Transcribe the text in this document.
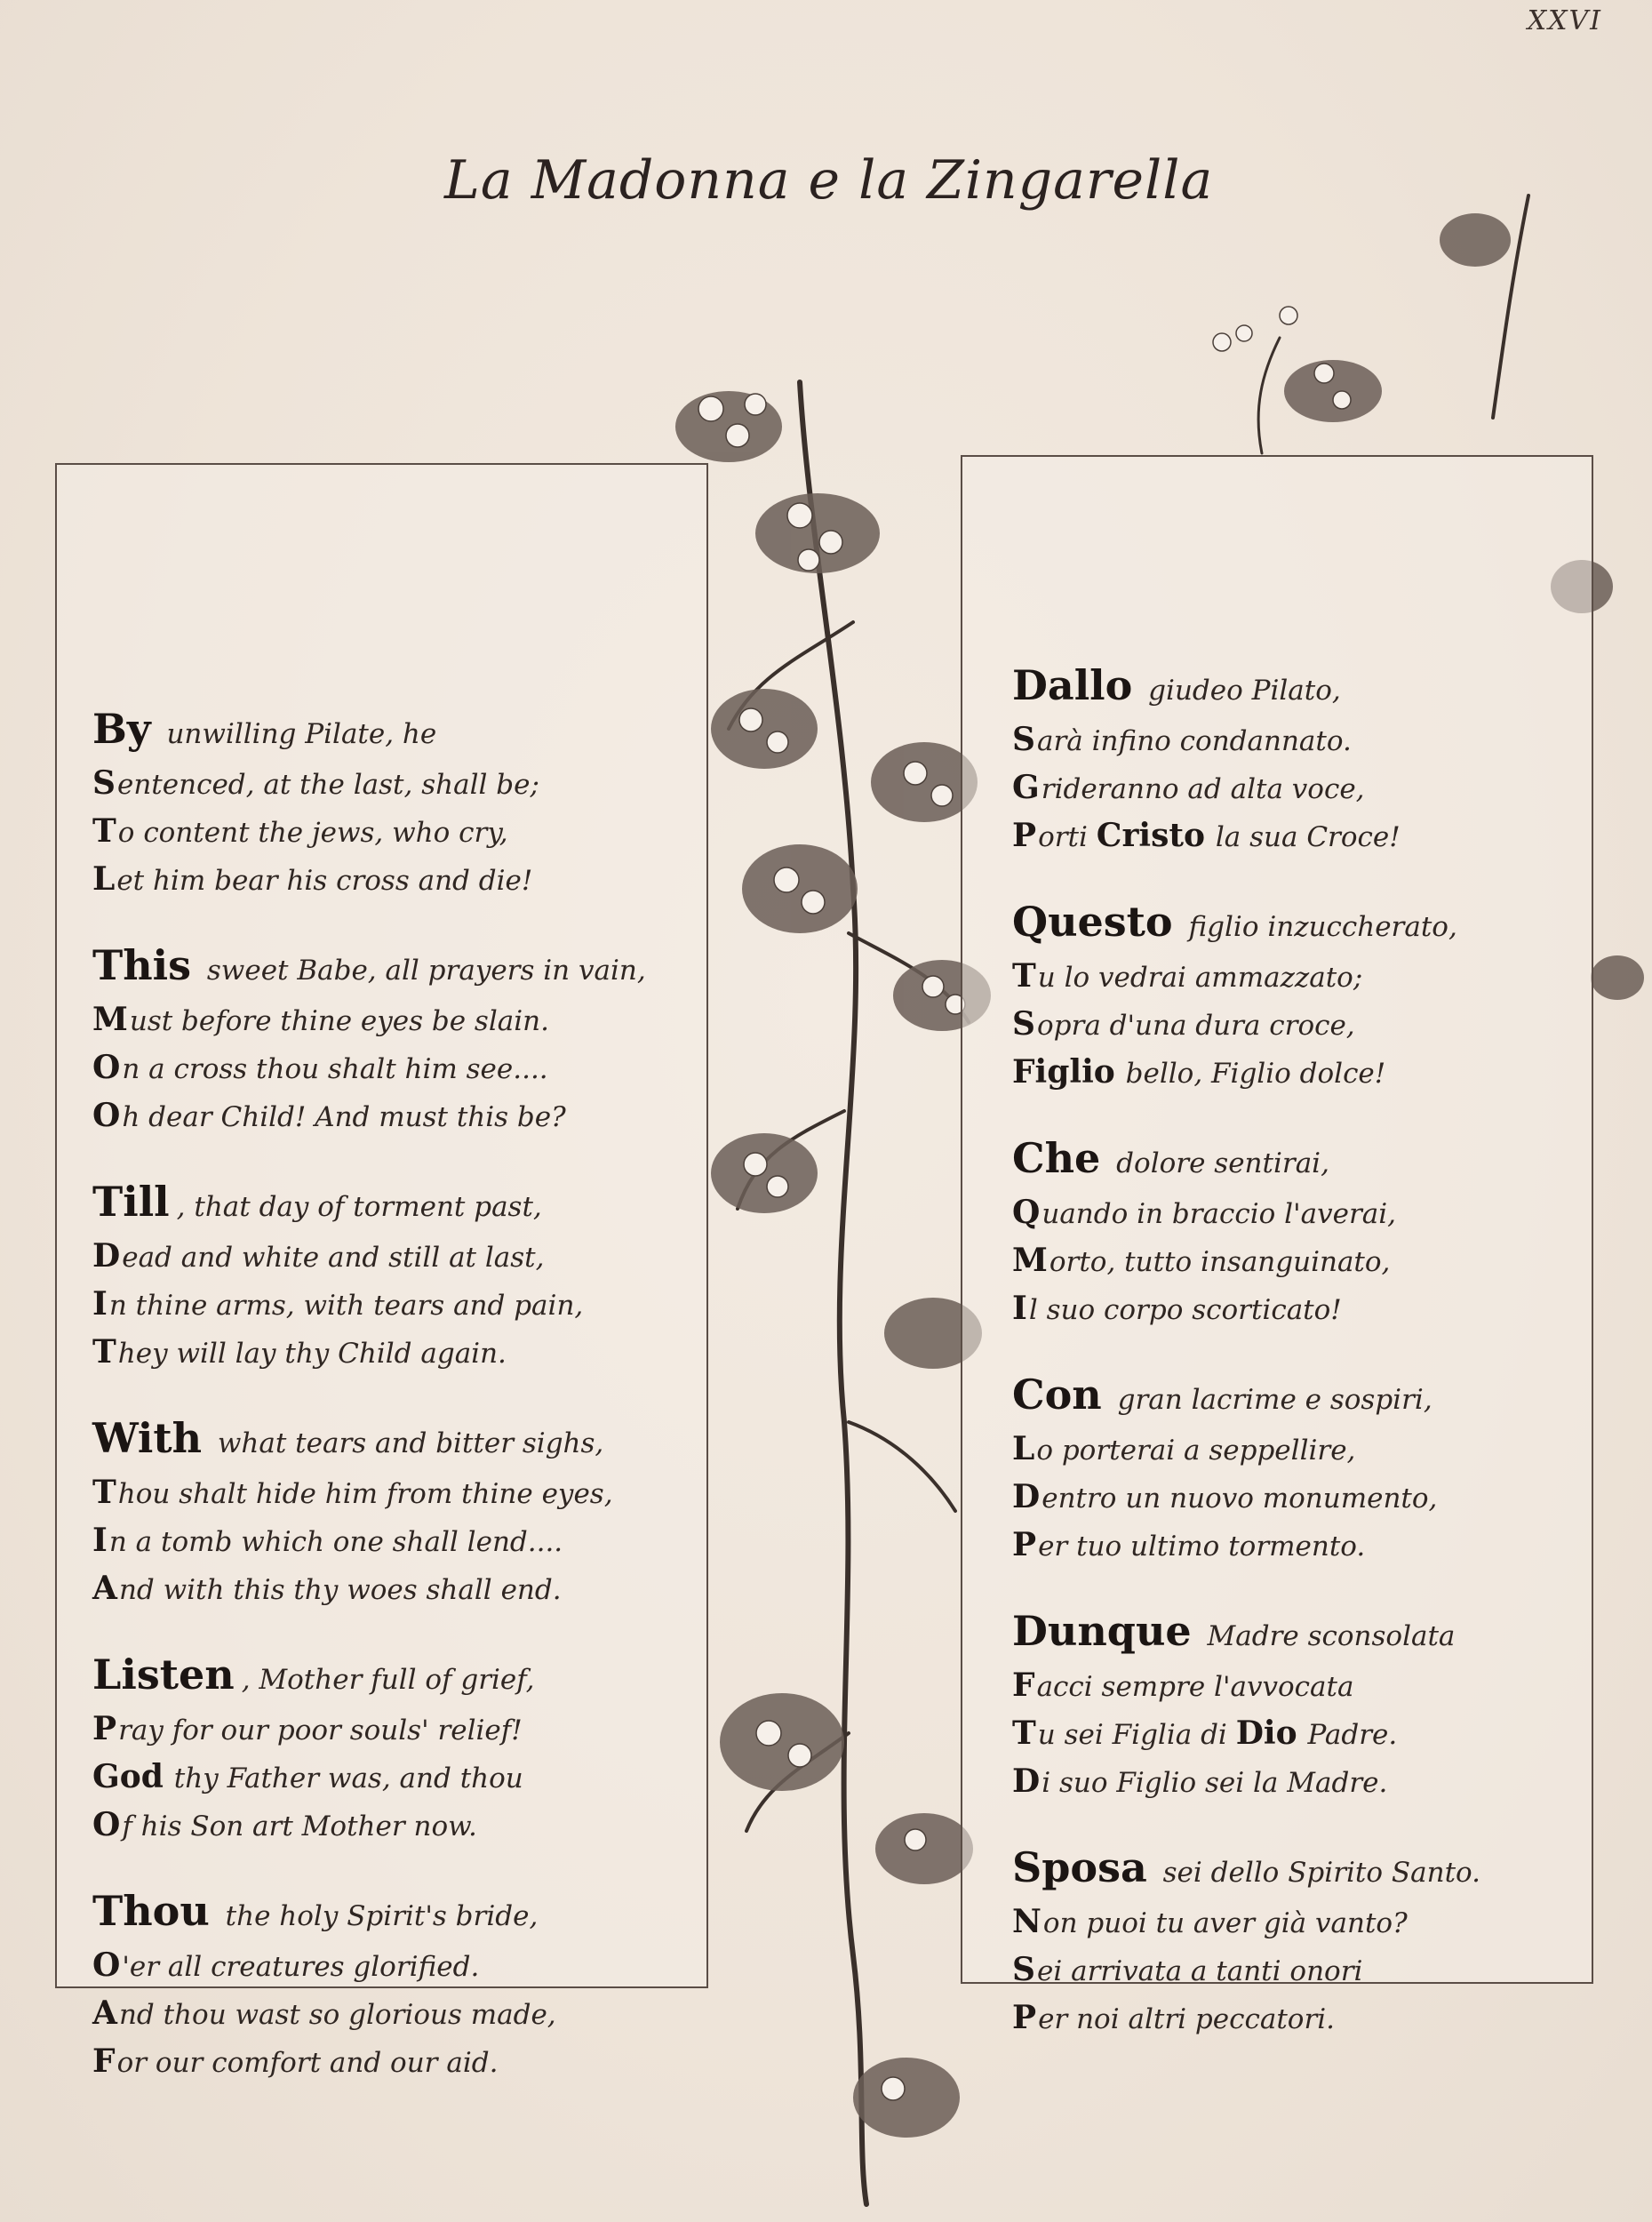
XXVI
La Madonna e la Zingarella
By unwilling Pilate, he
Sentenced, at the last, shall be;
To content the jews, who cry,
Let him bear his cross and die!
This sweet Babe, all prayers in vain,
Must before thine eyes be slain.
On a cross thou shalt him see....
Oh dear Child! And must this be?
Till , that day of torment past,
Dead and white and still at last,
In thine arms, with tears and pain,
They will lay thy Child again.
With what tears and bitter sighs,
Thou shalt hide him from thine eyes,
In a tomb which one shall lend....
And with this thy woes shall end.
Listen , Mother full of grief,
Pray for our poor souls' relief!
God thy Father was, and thou
Of his Son art Mother now.
Thou the holy Spirit's bride,
O'er all creatures glorified.
And thou wast so glorious made,
For our comfort and our aid.
Dallo giudeo Pilato,
Sarà infino condannato.
Grideranno ad alta voce,
Porti Cristo la sua Croce!
Questo figlio inzuccherato,
Tu lo vedrai ammazzato;
Sopra d'una dura croce,
Figlio bello, Figlio dolce!
Che dolore sentirai,
Quando in braccio l'averai,
Morto, tutto insanguinato,
Il suo corpo scorticato!
Con gran lacrime e sospiri,
Lo porterai a seppellire,
Dentro un nuovo monumento,
Per tuo ultimo tormento.
Dunque Madre sconsolata
Facci sempre l'avvocata
Tu sei Figlia di Dio Padre.
Di suo Figlio sei la Madre.
Sposa sei dello Spirito Santo.
Non puoi tu aver già vanto?
Sei arrivata a tanti onori
Per noi altri peccatori.
